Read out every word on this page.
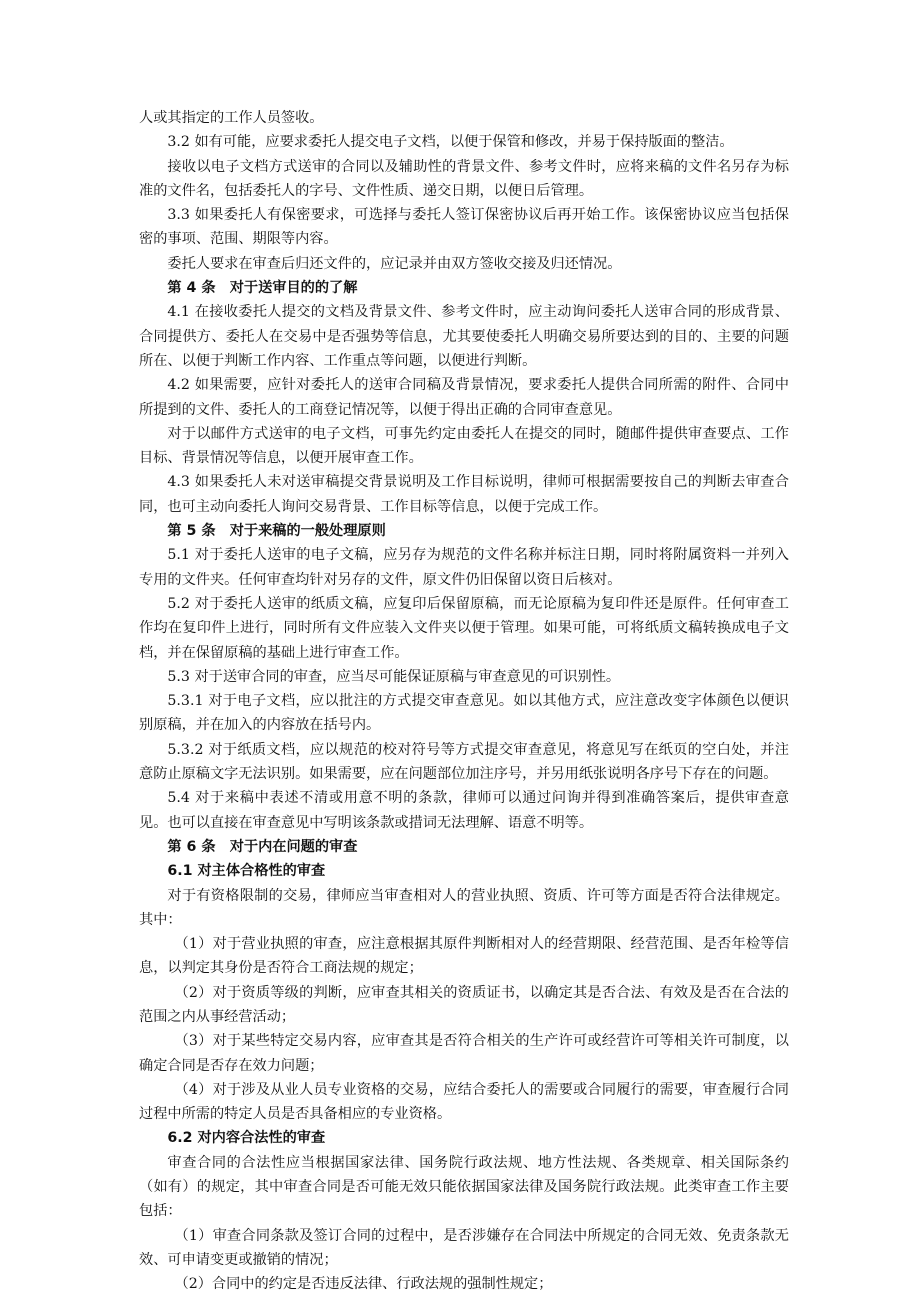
人或其指定的工作人员签收。

3.2 如有可能，应要求委托人提交电子文档，以便于保管和修改，并易于保持版面的整洁。

接收以电子文档方式送审的合同以及辅助性的背景文件、参考文件时，应将来稿的文件名另存为标准的文件名，包括委托人的字号、文件性质、递交日期，以便日后管理。

3.3 如果委托人有保密要求，可选择与委托人签订保密协议后再开始工作。该保密协议应当包括保密的事项、范围、期限等内容。

委托人要求在审查后归还文件的，应记录并由双方签收交接及归还情况。

第 4 条　对于送审目的的了解

4.1 在接收委托人提交的文档及背景文件、参考文件时，应主动询问委托人送审合同的形成背景、合同提供方、委托人在交易中是否强势等信息，尤其要使委托人明确交易所要达到的目的、主要的问题所在、以便于判断工作内容、工作重点等问题，以便进行判断。

4.2 如果需要，应针对委托人的送审合同稿及背景情况，要求委托人提供合同所需的附件、合同中所提到的文件、委托人的工商登记情况等，以便于得出正确的合同审查意见。

对于以邮件方式送审的电子文档，可事先约定由委托人在提交的同时，随邮件提供审查要点、工作目标、背景情况等信息，以便开展审查工作。

4.3 如果委托人未对送审稿提交背景说明及工作目标说明，律师可根据需要按自己的判断去审查合同，也可主动向委托人询问交易背景、工作目标等信息，以便于完成工作。

第 5 条　对于来稿的一般处理原则

5.1 对于委托人送审的电子文稿，应另存为规范的文件名称并标注日期，同时将附属资料一并列入专用的文件夹。任何审查均针对另存的文件，原文件仍旧保留以资日后核对。

5.2 对于委托人送审的纸质文稿，应复印后保留原稿，而无论原稿为复印件还是原件。任何审查工作均在复印件上进行，同时所有文件应装入文件夹以便于管理。如果可能，可将纸质文稿转换成电子文档，并在保留原稿的基础上进行审查工作。

5.3 对于送审合同的审查，应当尽可能保证原稿与审查意见的可识别性。

5.3.1 对于电子文档，应以批注的方式提交审查意见。如以其他方式，应注意改变字体颜色以便识别原稿，并在加入的内容放在括号内。

5.3.2 对于纸质文档，应以规范的校对符号等方式提交审查意见，将意见写在纸页的空白处，并注意防止原稿文字无法识别。如果需要，应在问题部位加注序号，并另用纸张说明各序号下存在的问题。

5.4 对于来稿中表述不清或用意不明的条款，律师可以通过问询并得到准确答案后，提供审查意见。也可以直接在审查意见中写明该条款或措词无法理解、语意不明等。

第 6 条　对于内在问题的审查

6.1 对主体合格性的审查

对于有资格限制的交易，律师应当审查相对人的营业执照、资质、许可等方面是否符合法律规定。其中：

（1）对于营业执照的审查，应注意根据其原件判断相对人的经营期限、经营范围、是否年检等信息，以判定其身份是否符合工商法规的规定；

（2）对于资质等级的判断，应审查其相关的资质证书，以确定其是否合法、有效及是否在合法的范围之内从事经营活动；

（3）对于某些特定交易内容，应审查其是否符合相关的生产许可或经营许可等相关许可制度，以确定合同是否存在效力问题；

（4）对于涉及从业人员专业资格的交易，应结合委托人的需要或合同履行的需要，审查履行合同过程中所需的特定人员是否具备相应的专业资格。

6.2 对内容合法性的审查

审查合同的合法性应当根据国家法律、国务院行政法规、地方性法规、各类规章、相关国际条约（如有）的规定，其中审查合同是否可能无效只能依据国家法律及国务院行政法规。此类审查工作主要包括：

（1）审查合同条款及签订合同的过程中，是否涉嫌存在合同法中所规定的合同无效、免责条款无效、可申请变更或撤销的情况；

（2）合同中的约定是否违反法律、行政法规的强制性规定；
